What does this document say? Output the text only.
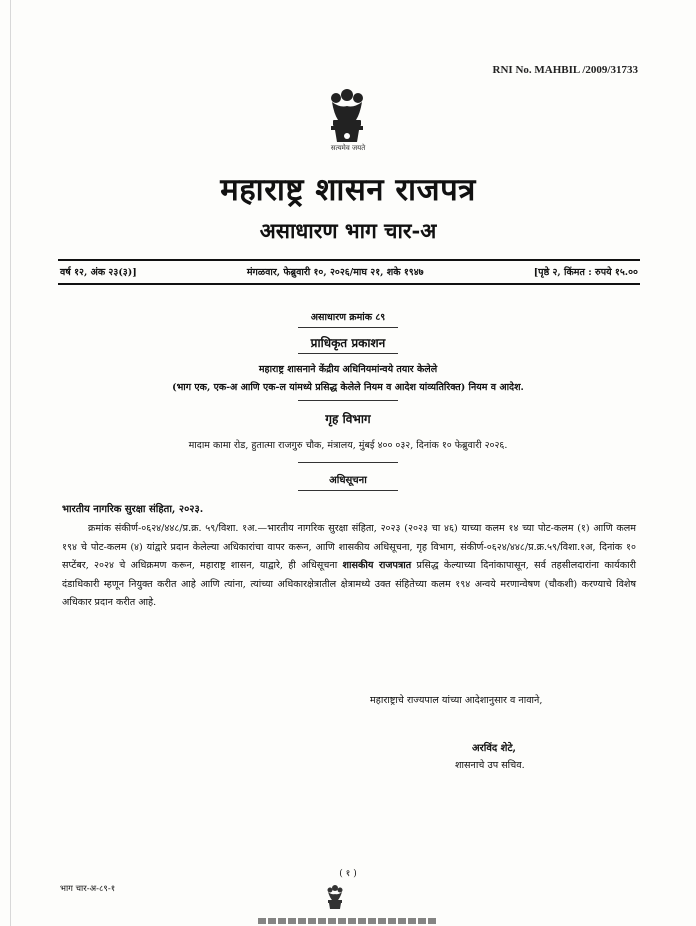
RNI No. MAHBIL /2009/31733
सत्यमेव जयते
महाराष्ट्र शासन राजपत्र
असाधारण भाग चार-अ
वर्ष १२, अंक २३(३)]	मंगळवार, फेब्रुवारी १०, २०२६/माघ २१, शके १९४७	[पृष्ठे २, किंमत : रुपये १५.००
असाधारण क्रमांक ८९
प्राधिकृत प्रकाशन
महाराष्ट्र शासनाने केंद्रीय अधिनियमांन्वये तयार केलेले
(भाग एक, एक-अ आणि एक-ल यांमध्ये प्रसिद्ध केलेले नियम व आदेश यांव्यतिरिक्त) नियम व आदेश.
गृह विभाग
मादाम कामा रोड, हुतात्मा राजगुरु चौक, मंत्रालय, मुंबई ४०० ०३२, दिनांक १० फेब्रुवारी २०२६.
अधिसूचना
भारतीय नागरिक सुरक्षा संहिता, २०२३.
क्रमांक संकीर्ण-०६२४/४४८/प्र.क्र. ५९/विशा. १अ.—भारतीय नागरिक सुरक्षा संहिता, २०२३ (२०२३ चा ४६) याच्या कलम १४ च्या पोट-कलम (१) आणि कलम १९४ चे पोट-कलम (४) यांद्वारे प्रदान केलेल्या अधिकारांचा वापर करून, आणि शासकीय अधिसूचना, गृह विभाग, संकीर्ण-०६२४/४४८/प्र.क्र.५९/विशा.१अ, दिनांक १० सप्टेंबर, २०२४ चे अधिक्रमण करून, महाराष्ट्र शासन, याद्वारे, ही अधिसूचना शासकीय राजपत्रात प्रसिद्ध केल्याच्या दिनांकापासून, सर्व तहसीलदारांना कार्यकारी दंडाधिकारी म्हणून नियुक्त करीत आहे आणि त्यांना, त्यांच्या अधिकारक्षेत्रातील क्षेत्रामध्ये उक्त संहितेच्या कलम १९४ अन्वये मरणान्वेषण (चौकशी) करण्याचे विशेष अधिकार प्रदान करीत आहे.
महाराष्ट्राचे राज्यपाल यांच्या आदेशानुसार व नावाने,
अरविंद शेटे,
शासनाचे उप सचिव.
( १ )
भाग चार-अ-८९-१
